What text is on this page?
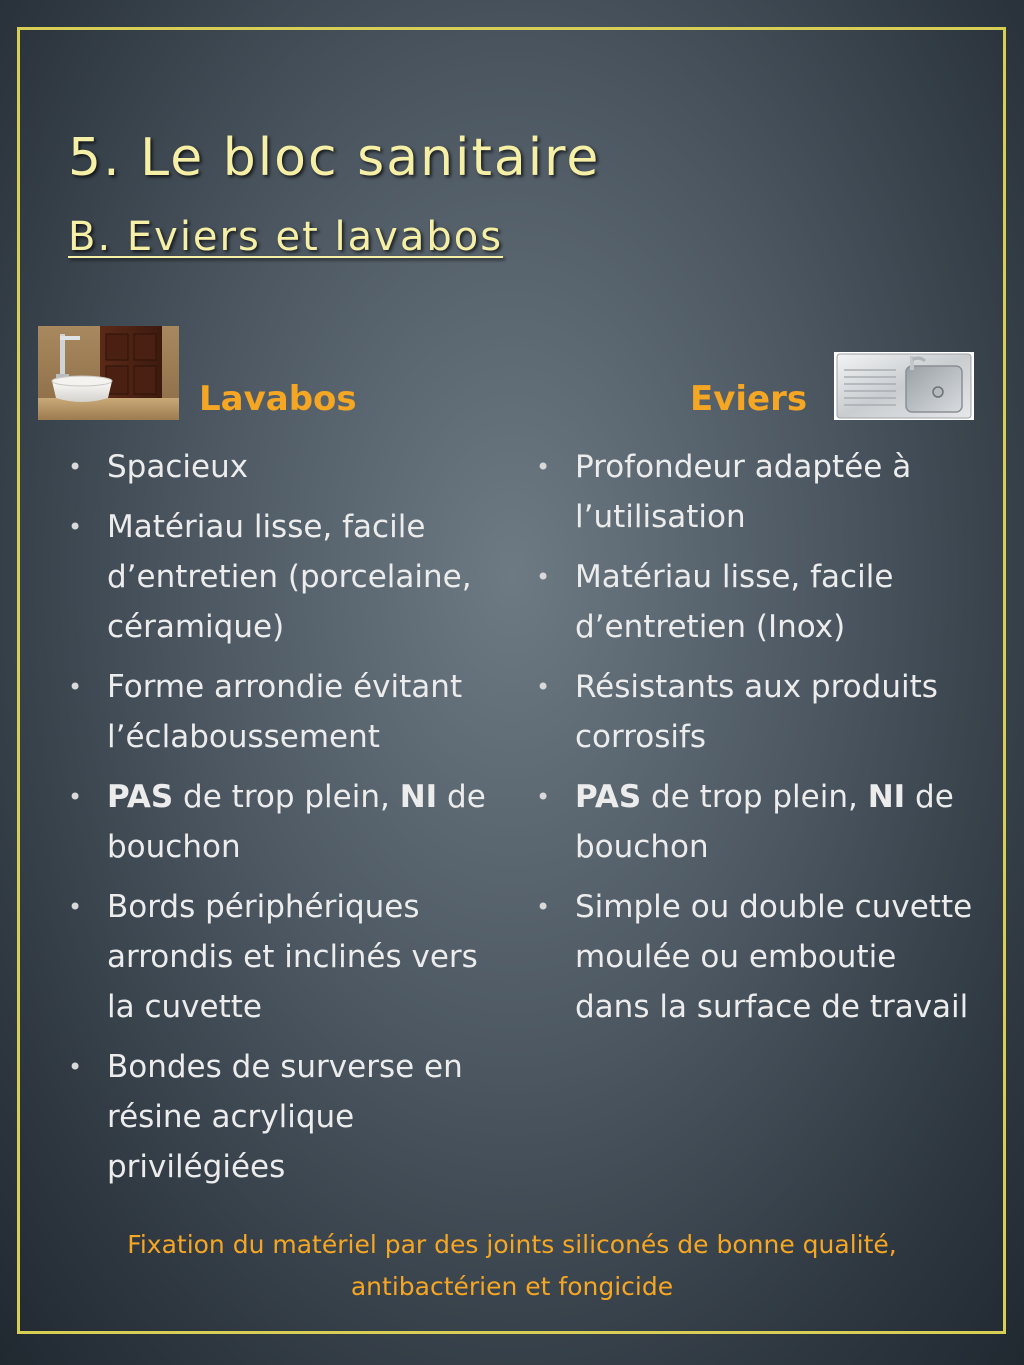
5. Le bloc sanitaire
B. Eviers et lavabos
Lavabos	Eviers
• Spacieux
• Matériau lisse, facile d’entretien (porcelaine, céramique)
• Forme arrondie évitant l’éclaboussement
• PAS de trop plein, NI de bouchon
• Bords périphériques arrondis et inclinés vers la cuvette
• Bondes de surverse en résine acrylique privilégiées
• Profondeur adaptée à l’utilisation
• Matériau lisse, facile d’entretien (Inox)
• Résistants aux produits corrosifs
• PAS de trop plein, NI de bouchon
• Simple ou double cuvette moulée ou emboutie dans la surface de travail
Fixation du matériel par des joints siliconés de bonne qualité,
antibactérien et fongicide
